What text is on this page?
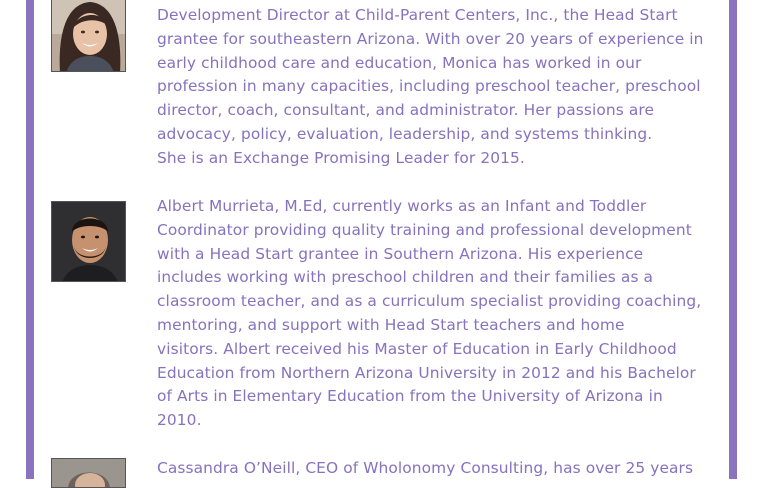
Development Director at Child-Parent Centers, Inc., the Head Start
grantee for southeastern Arizona. With over 20 years of experience in
early childhood care and education, Monica has worked in our
profession in many capacities, including preschool teacher, preschool
director, coach, consultant, and administrator. Her passions are
advocacy, policy, evaluation, leadership, and systems thinking.
She is an Exchange Promising Leader for 2015.
Albert Murrieta, M.Ed, currently works as an Infant and Toddler
Coordinator providing quality training and professional development
with a Head Start grantee in Southern Arizona. His experience
includes working with preschool children and their families as a
classroom teacher, and as a curriculum specialist providing coaching,
mentoring, and support with Head Start teachers and home
visitors. Albert received his Master of Education in Early Childhood
Education from Northern Arizona University in 2012 and his Bachelor
of Arts in Elementary Education from the University of Arizona in
2010.
Cassandra O’Neill, CEO of Wholonomy Consulting, has over 25 years
